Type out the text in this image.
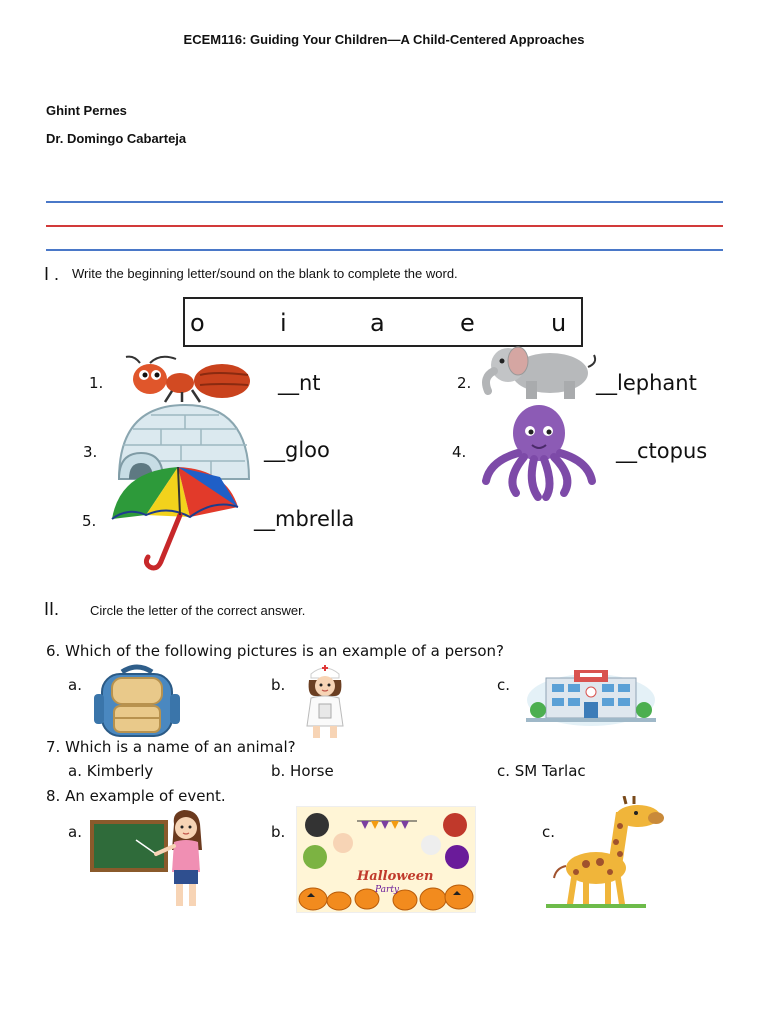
ECEM116: Guiding Your Children—A Child-Centered Approaches
Ghint Pernes
Dr. Domingo Cabarteja
I . Write the beginning letter/sound on the blank to complete the word.
o	i	a	e	u
1.	__nt	2.	__lephant
3.	__gloo	4.	__ctopus
5.	__mbrella
II. Circle the letter of the correct answer.
6. Which of the following pictures is an example of a person?
a.	b.	c.
7. Which is a name of an animal?
a. Kimberly	b. Horse	c. SM Tarlac
8. An example of event.
a.	b.
Halloween
Party
c.
